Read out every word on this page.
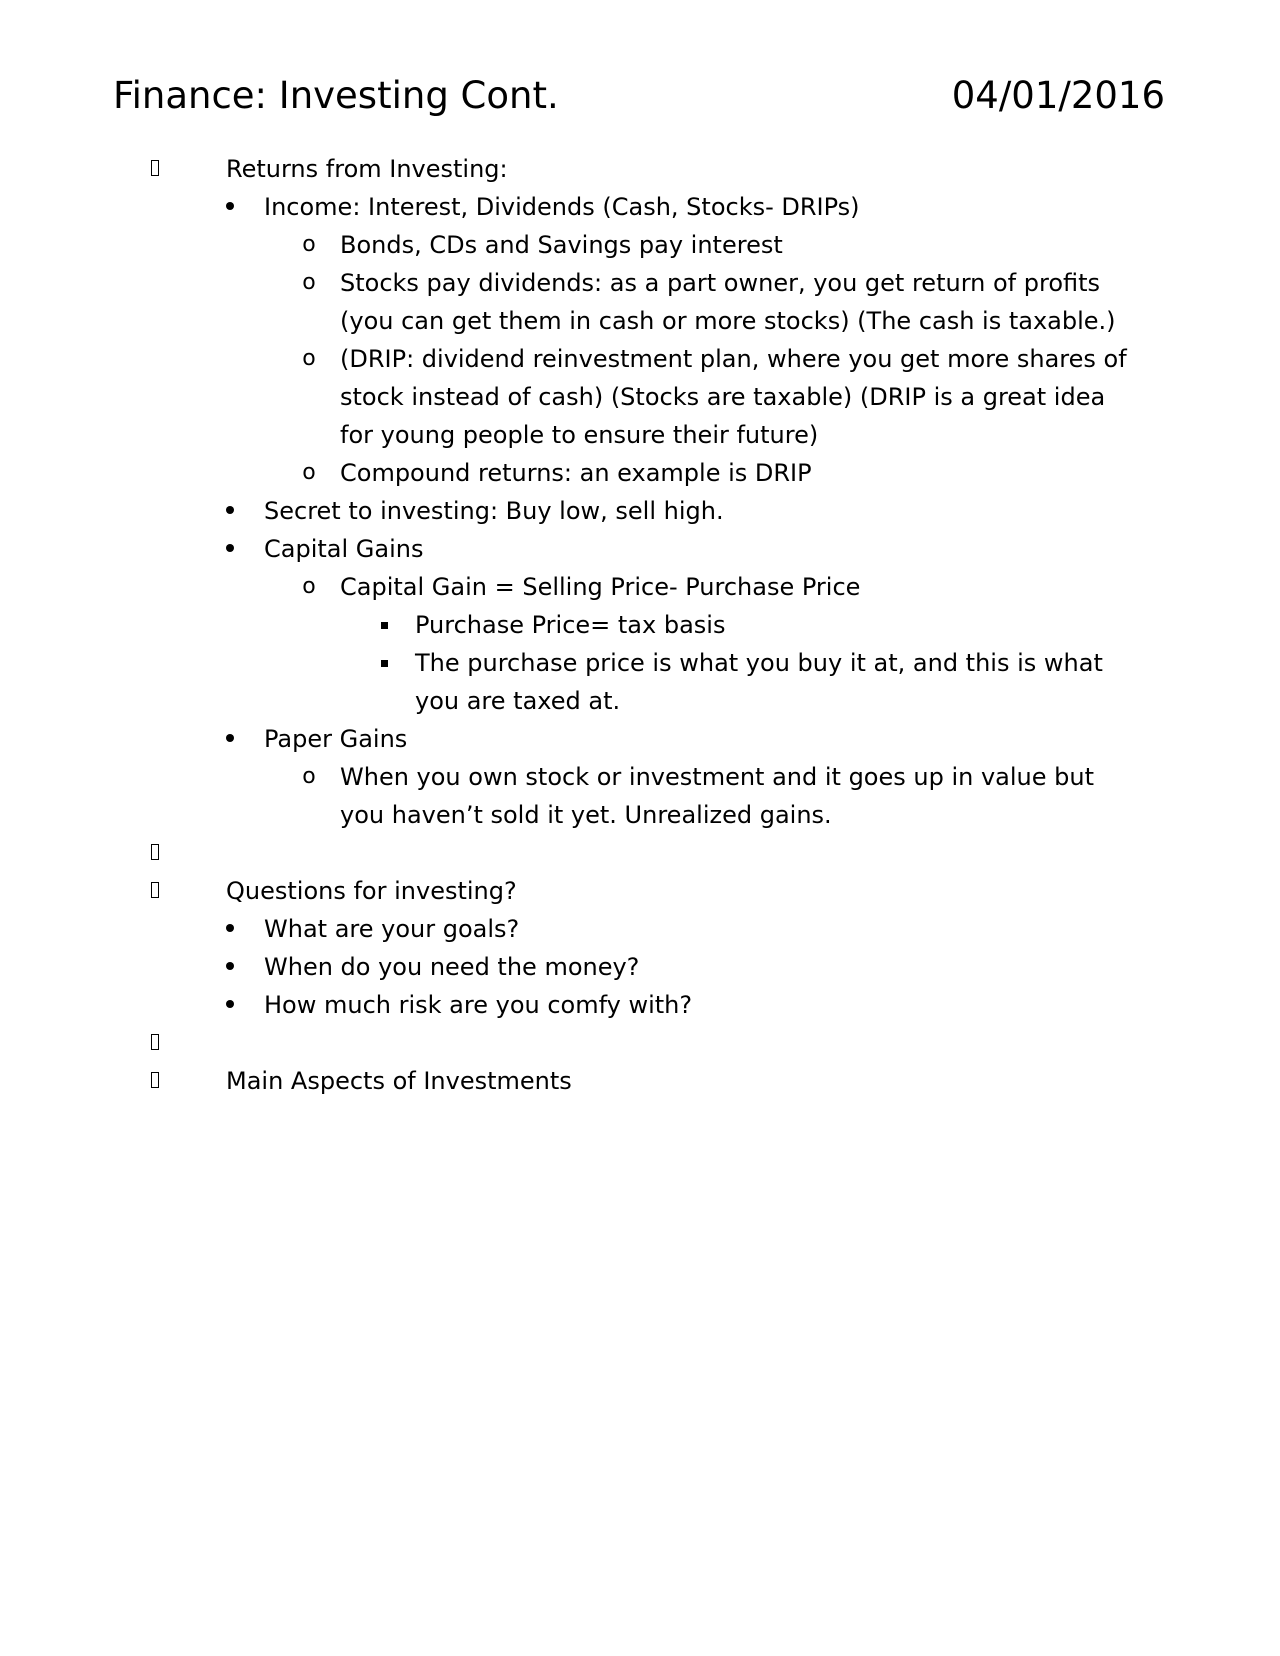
Finance: Investing Cont.	04/01/2016
Returns from Investing:
Income: Interest, Dividends (Cash, Stocks- DRIPs)
o	Bonds, CDs and Savings pay interest
o	Stocks pay dividends: as a part owner, you get return of profits (you can get them in cash or more stocks) (The cash is taxable.)
o	(DRIP: dividend reinvestment plan, where you get more shares of stock instead of cash) (Stocks are taxable) (DRIP is a great idea for young people to ensure their future)
o	Compound returns: an example is DRIP
Secret to investing: Buy low, sell high.
Capital Gains
o	Capital Gain = Selling Price- Purchase Price
Purchase Price= tax basis
The purchase price is what you buy it at, and this is what you are taxed at.
Paper Gains
o	When you own stock or investment and it goes up in value but you haven’t sold it yet. Unrealized gains.
Questions for investing?
What are your goals?
When do you need the money?
How much risk are you comfy with?
Main Aspects of Investments
